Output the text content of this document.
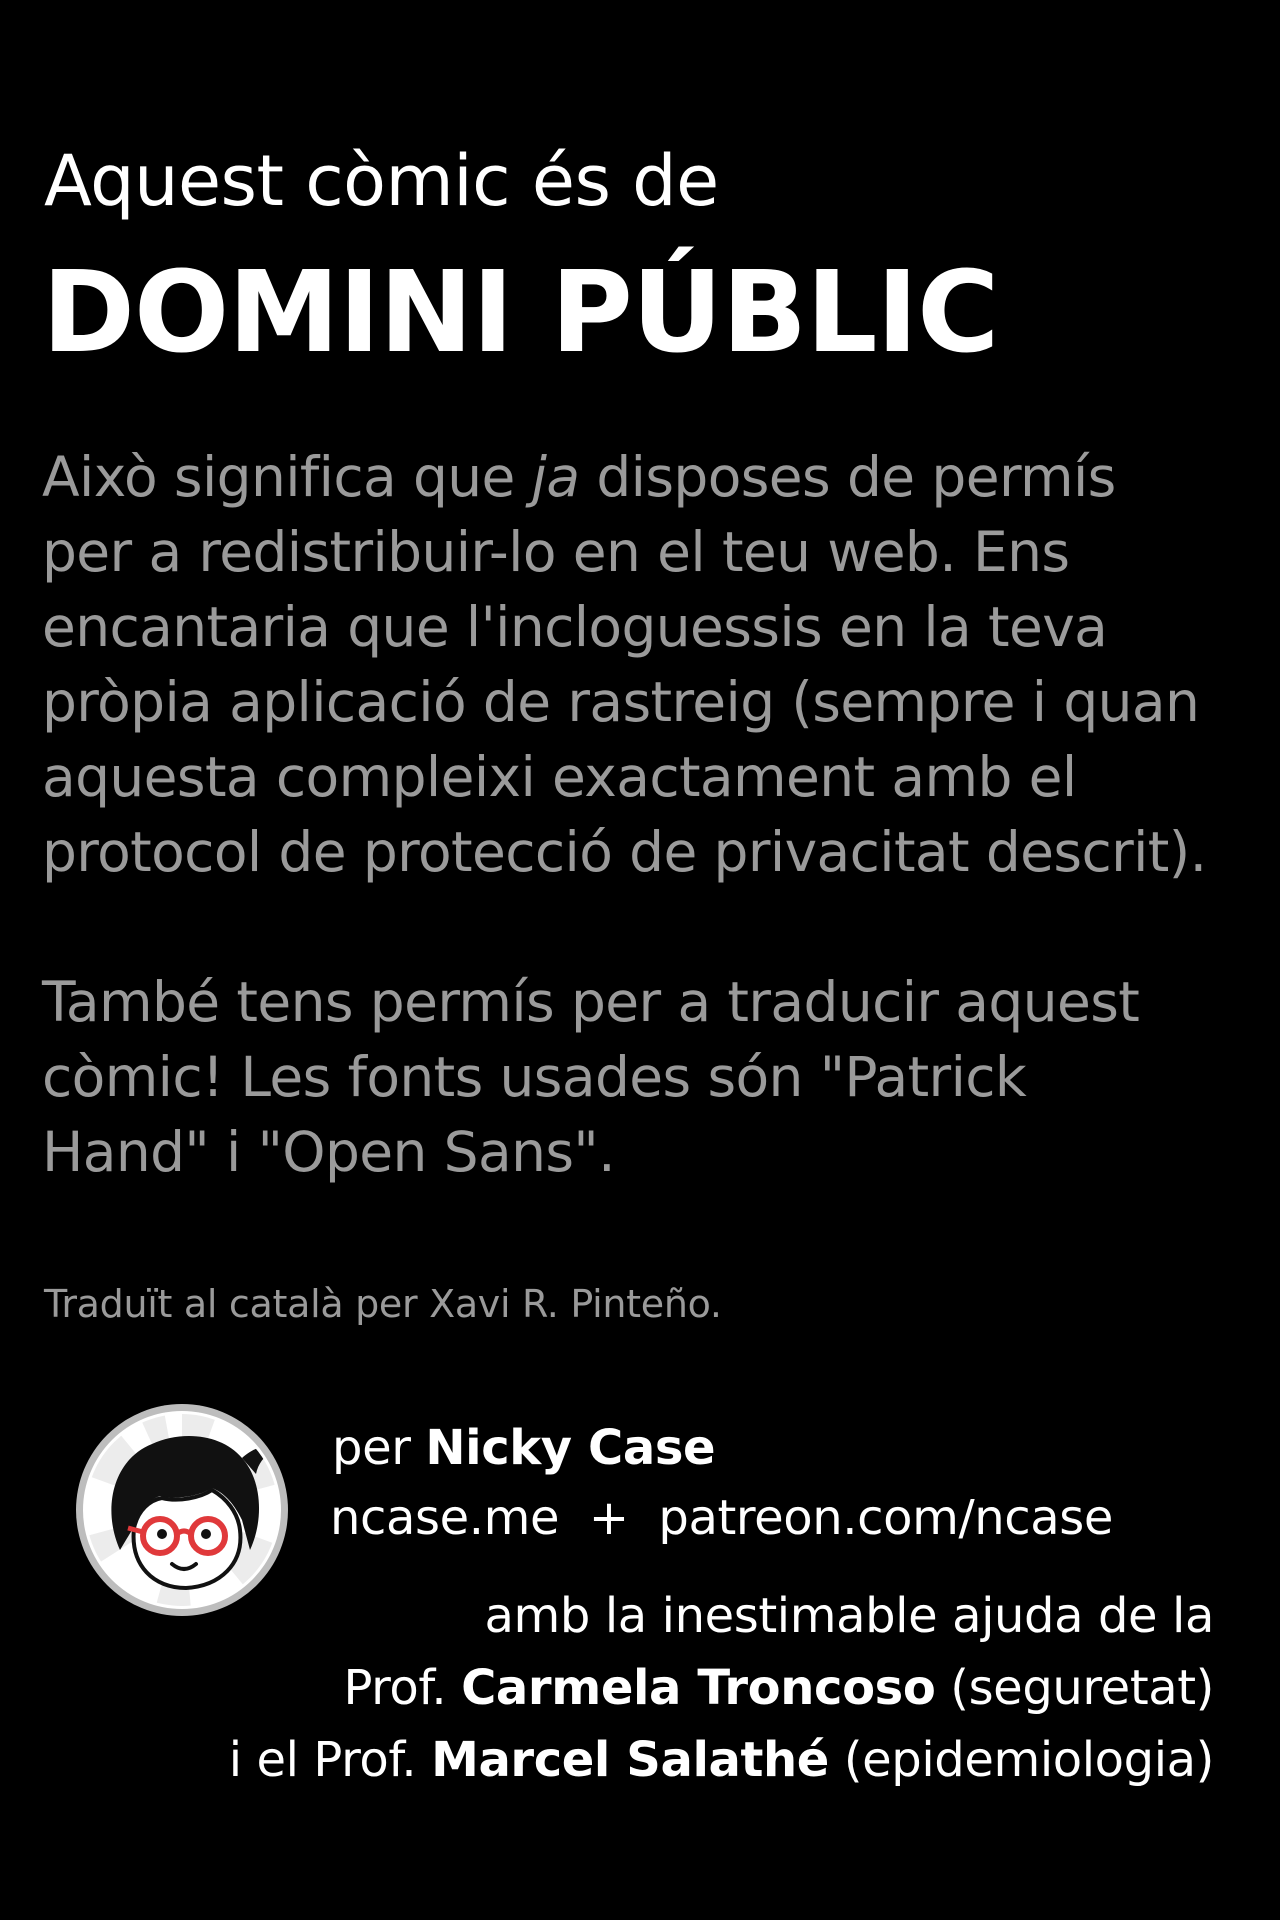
Aquest còmic és de
DOMINI PÚBLIC
Això significa que ja disposes de permís
per a redistribuir-lo en el teu web. Ens
encantaria que l'incloguessis en la teva
pròpia aplicació de rastreig (sempre i quan
aquesta compleixi exactament amb el
protocol de protecció de privacitat descrit).
També tens permís per a traducir aquest
còmic! Les fonts usades són "Patrick
Hand" i "Open Sans".
Traduït al català per Xavi R. Pinteño.
per Nicky Case
ncase.me + patreon.com/ncase
amb la inestimable ajuda de la
Prof. Carmela Troncoso (seguretat)
i el Prof. Marcel Salathé (epidemiologia)
